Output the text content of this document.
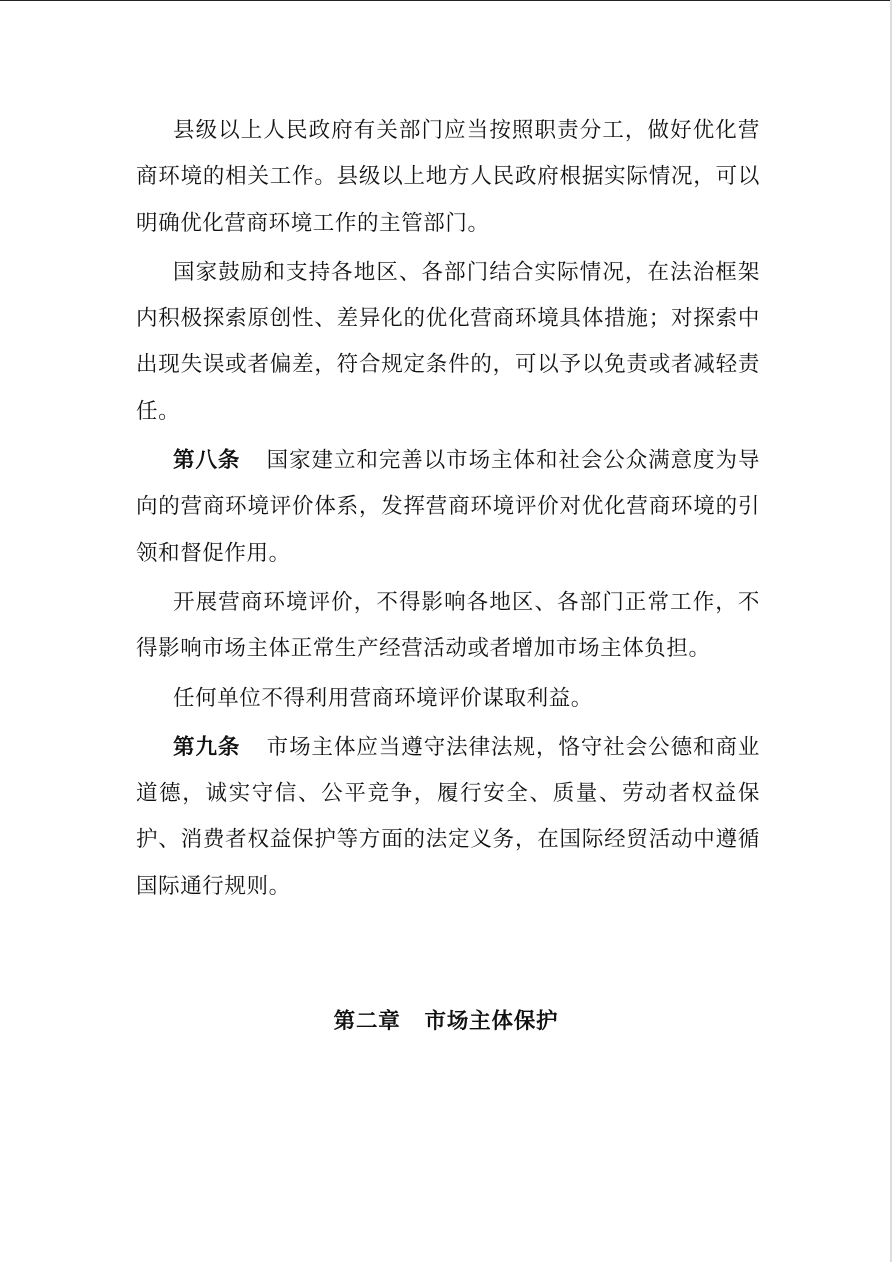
县级以上人民政府有关部门应当按照职责分工，做好优化营商环境的相关工作。县级以上地方人民政府根据实际情况，可以明确优化营商环境工作的主管部门。

国家鼓励和支持各地区、各部门结合实际情况，在法治框架内积极探索原创性、差异化的优化营商环境具体措施；对探索中出现失误或者偏差，符合规定条件的，可以予以免责或者减轻责任。

第八条 国家建立和完善以市场主体和社会公众满意度为导向的营商环境评价体系，发挥营商环境评价对优化营商环境的引领和督促作用。

开展营商环境评价，不得影响各地区、各部门正常工作，不得影响市场主体正常生产经营活动或者增加市场主体负担。

任何单位不得利用营商环境评价谋取利益。

第九条 市场主体应当遵守法律法规，恪守社会公德和商业道德，诚实守信、公平竞争，履行安全、质量、劳动者权益保护、消费者权益保护等方面的法定义务，在国际经贸活动中遵循国际通行规则。

第二章 市场主体保护
